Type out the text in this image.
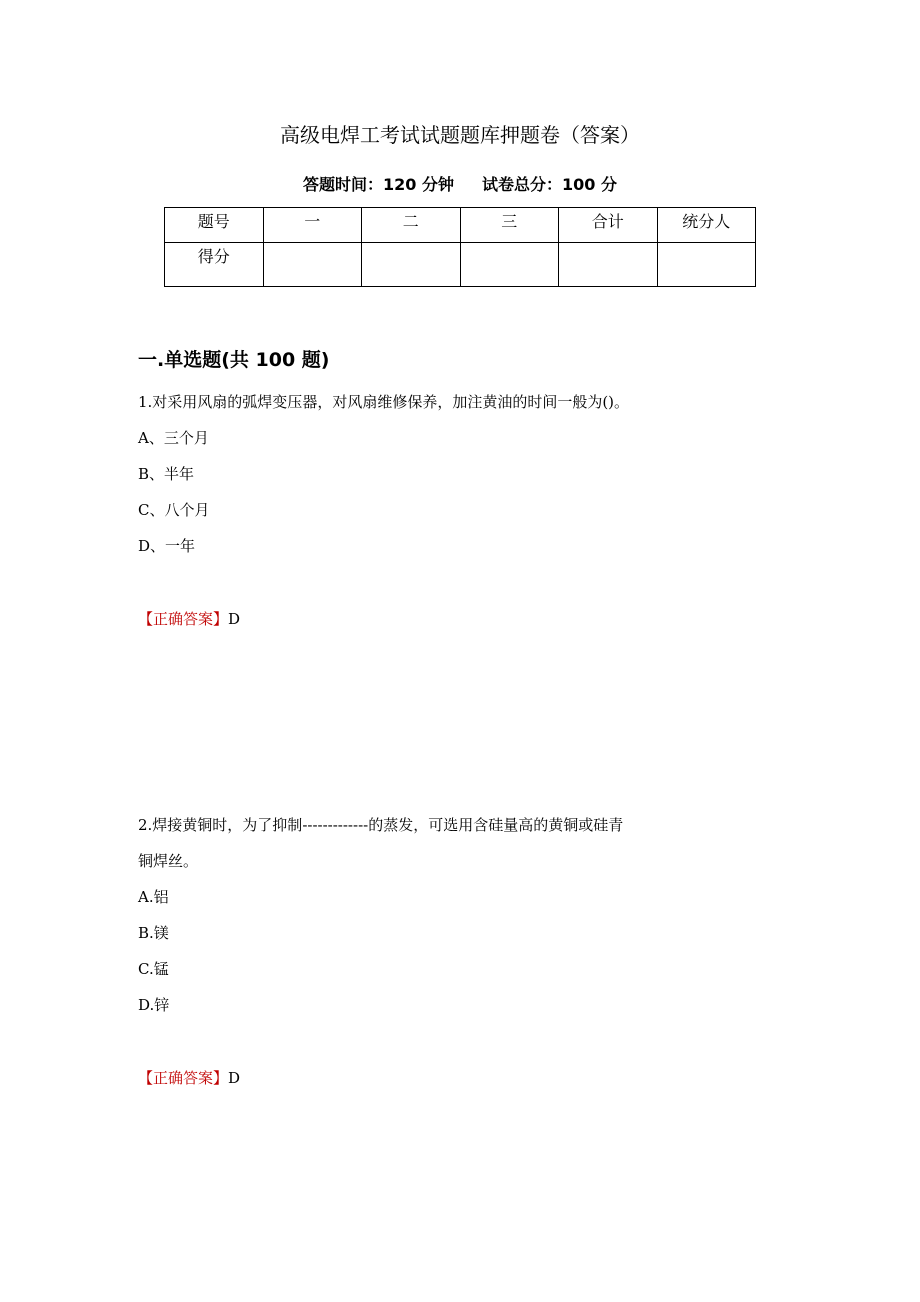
高级电焊工考试试题题库押题卷（答案）
答题时间：120 分钟 试卷总分：100 分
题号	一	二	三	合计	统分人
得分					
一.单选题(共 100 题)
1.对采用风扇的弧焊变压器，对风扇维修保养，加注黄油的时间一般为()。
A、三个月
B、半年
C、八个月
D、一年
【正确答案】D
2.焊接黄铜时，为了抑制-------------的蒸发，可选用含硅量高的黄铜或硅青
铜焊丝。
A.铝
B.镁
C.锰
D.锌
【正确答案】D
